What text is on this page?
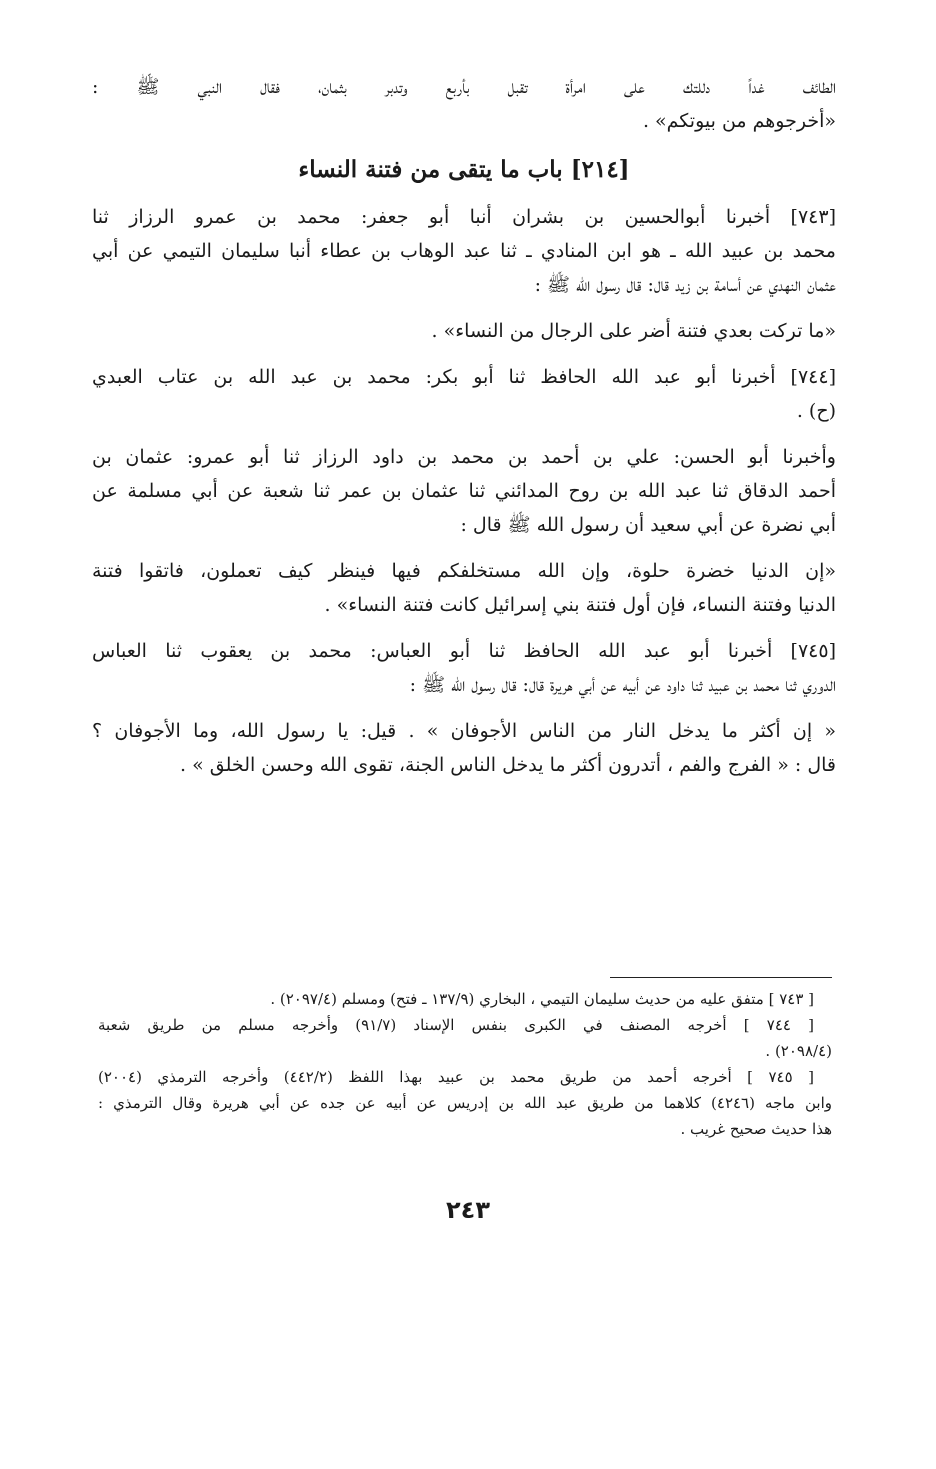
الطائف غداً دللتك على امرأة تقبل بأربع وتدبر بثمان، فقال النبي ﷺ :
«أخرجوهم من بيوتكم» .
[٢١٤] باب ما يتقى من فتنة النساء
[٧٤٣] أخبرنا أبوالحسين بن بشران أنبا أبو جعفر: محمد بن عمرو الرزاز ثنا
محمد بن عبيد الله ـ هو ابن المنادي ـ ثنا عبد الوهاب بن عطاء أنبا سليمان التيمي عن أبي
عثمان النهدي عن أسامة بن زيد قال: قال رسول الله ﷺ :
«ما تركت بعدي فتنة أضر على الرجال من النساء» .
[٧٤٤] أخبرنا أبو عبد الله الحافظ ثنا أبو بكر: محمد بن عبد الله بن عتاب العبدي
(ح) .
وأخبرنا أبو الحسن: علي بن أحمد بن محمد بن داود الرزاز ثنا أبو عمرو: عثمان بن
أحمد الدقاق ثنا عبد الله بن روح المدائني ثنا عثمان بن عمر ثنا شعبة عن أبي مسلمة عن
أبي نضرة عن أبي سعيد أن رسول الله ﷺ قال :
«إن الدنيا خضرة حلوة، وإن الله مستخلفكم فيها فينظر كيف تعملون، فاتقوا فتنة
الدنيا وفتنة النساء، فإن أول فتنة بني إسرائيل كانت فتنة النساء» .
[٧٤٥] أخبرنا أبو عبد الله الحافظ ثنا أبو العباس: محمد بن يعقوب ثنا العباس
الدوري ثنا محمد بن عبيد ثنا داود عن أبيه عن أبي هريرة قال: قال رسول الله ﷺ :
« إن أكثر ما يدخل النار من الناس الأجوفان » . قيل: يا رسول الله، وما الأجوفان ؟
قال : « الفرج والفم ، أتدرون أكثر ما يدخل الناس الجنة، تقوى الله وحسن الخلق » .
[ ٧٤٣ ] متفق عليه من حديث سليمان التيمي ، البخاري (١٣٧/٩ ـ فتح) ومسلم (٢٠٩٧/٤) .
[ ٧٤٤ ] أخرجه المصنف في الكبرى بنفس الإسناد (٩١/٧) وأخرجه مسلم من طريق شعبة
(٢٠٩٨/٤) .
[ ٧٤٥ ] أخرجه أحمد من طريق محمد بن عبيد بهذا اللفظ (٤٤٢/٢) وأخرجه الترمذي (٢٠٠٤)
وابن ماجه (٤٢٤٦) كلاهما من طريق عبد الله بن إدريس عن أبيه عن جده عن أبي هريرة وقال الترمذي :
هذا حديث صحيح غريب .
٢٤٣
